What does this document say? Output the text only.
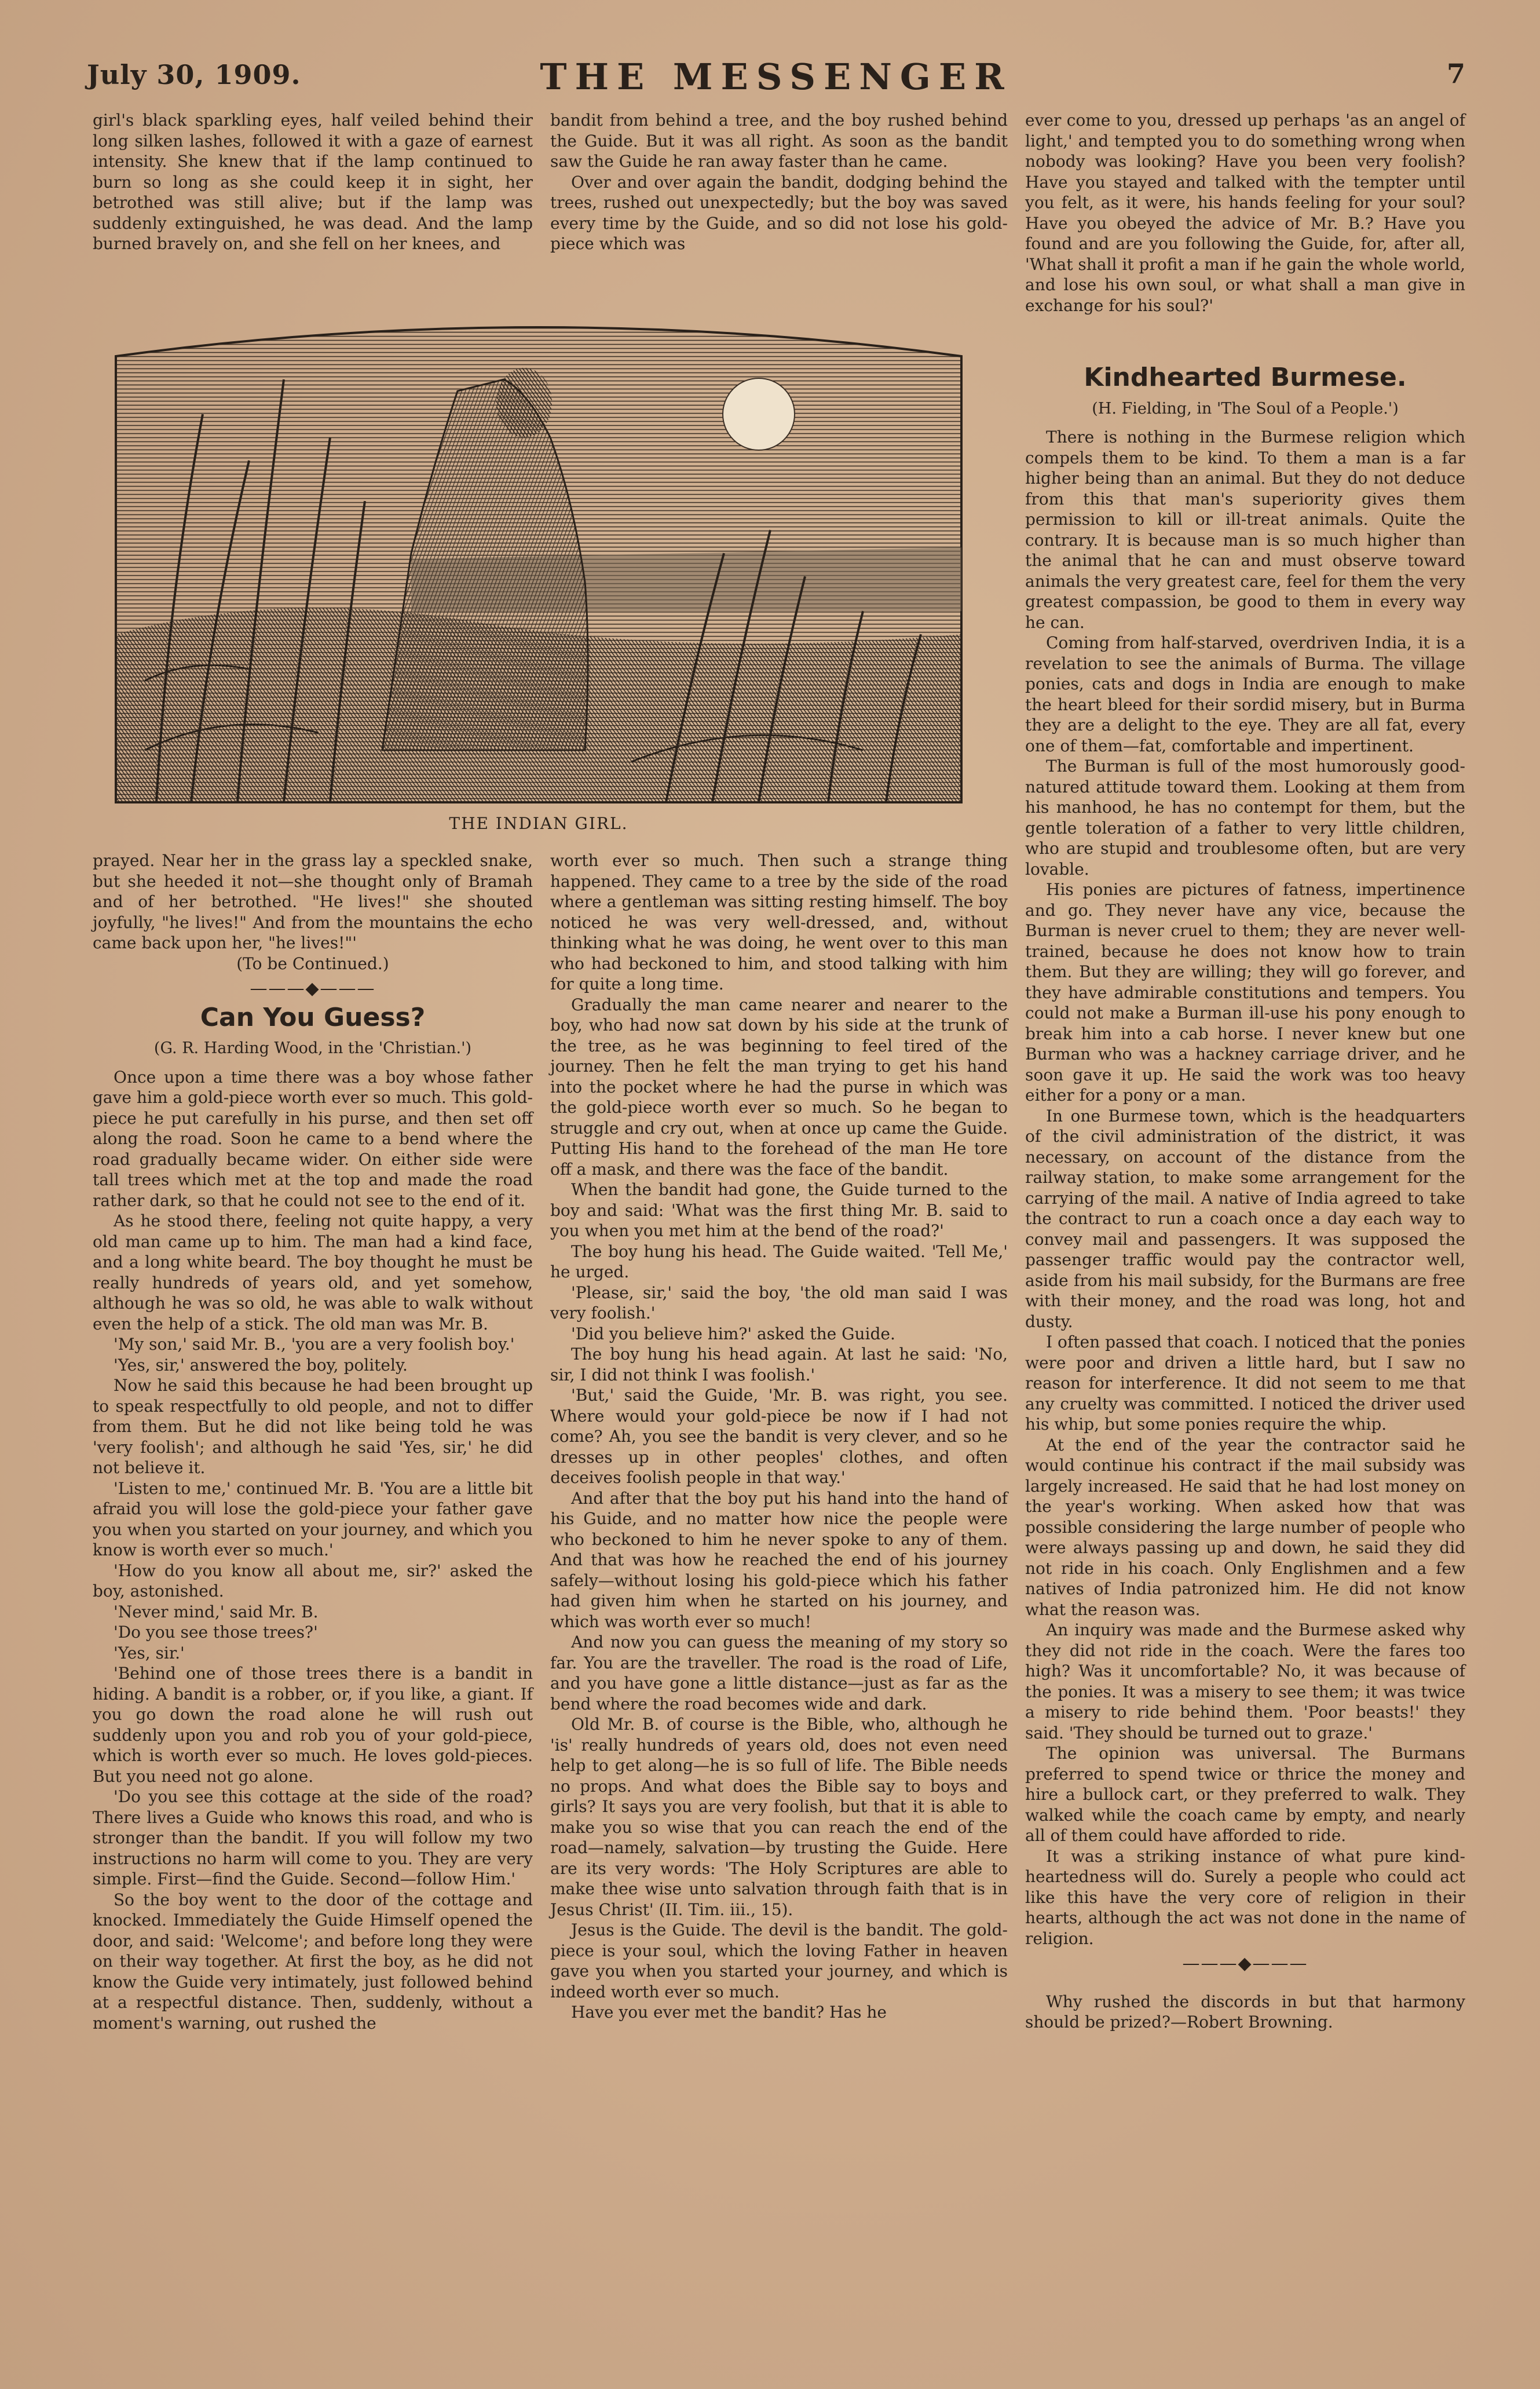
July 30, 1909.	THE MESSENGER	7

girl's black sparkling eyes, half veiled behind their long silken lashes, followed it with a gaze of earnest intensity. She knew that if the lamp continued to burn so long as she could keep it in sight, her betrothed was still alive; but if the lamp was suddenly extinguished, he was dead. And the lamp burned bravely on, and she fell on her knees, and

bandit from behind a tree, and the boy rushed behind the Guide. But it was all right. As soon as the bandit saw the Guide he ran away faster than he came.

Over and over again the bandit, dodging behind the trees, rushed out unexpectedly; but the boy was saved every time by the Guide, and so did not lose his gold-piece which was

ever come to you, dressed up perhaps 'as an angel of light,' and tempted you to do something wrong when nobody was looking? Have you been very foolish? Have you stayed and talked with the tempter until you felt, as it were, his hands feeling for your soul? Have you obeyed the advice of Mr. B.? Have you found and are you following the Guide, for, after all, 'What shall it profit a man if he gain the whole world, and lose his own soul, or what shall a man give in exchange for his soul?'

THE INDIAN GIRL.

prayed. Near her in the grass lay a speckled snake, but she heeded it not—she thought only of Bramah and of her betrothed. "He lives!" she shouted joyfully, "he lives!" And from the mountains the echo came back upon her, "he lives!"'

(To be Continued.)

———◆———
Can You Guess?

(G. R. Harding Wood, in the 'Christian.')

Once upon a time there was a boy whose father gave him a gold-piece worth ever so much. This gold-piece he put carefully in his purse, and then set off along the road. Soon he came to a bend where the road gradually became wider. On either side were tall trees which met at the top and made the road rather dark, so that he could not see to the end of it.

As he stood there, feeling not quite happy, a very old man came up to him. The man had a kind face, and a long white beard. The boy thought he must be really hundreds of years old, and yet somehow, although he was so old, he was able to walk without even the help of a stick. The old man was Mr. B.

'My son,' said Mr. B., 'you are a very foolish boy.'

'Yes, sir,' answered the boy, politely.

Now he said this because he had been brought up to speak respectfully to old people, and not to differ from them. But he did not like being told he was 'very foolish'; and although he said 'Yes, sir,' he did not believe it.

'Listen to me,' continued Mr. B. 'You are a little bit afraid you will lose the gold-piece your father gave you when you started on your journey, and which you know is worth ever so much.'

'How do you know all about me, sir?' asked the boy, astonished.

'Never mind,' said Mr. B.

'Do you see those trees?'

'Yes, sir.'

'Behind one of those trees there is a bandit in hiding. A bandit is a robber, or, if you like, a giant. If you go down the road alone he will rush out suddenly upon you and rob you of your gold-piece, which is worth ever so much. He loves gold-pieces. But you need not go alone.

'Do you see this cottage at the side of the road? There lives a Guide who knows this road, and who is stronger than the bandit. If you will follow my two instructions no harm will come to you. They are very simple. First—find the Guide. Second—follow Him.'

So the boy went to the door of the cottage and knocked. Immediately the Guide Himself opened the door, and said: 'Welcome'; and before long they were on their way together. At first the boy, as he did not know the Guide very intimately, just followed behind at a respectful distance. Then, suddenly, without a moment's warning, out rushed the

worth ever so much. Then such a strange thing happened. They came to a tree by the side of the road where a gentleman was sitting resting himself. The boy noticed he was very well-dressed, and, without thinking what he was doing, he went over to this man who had beckoned to him, and stood talking with him for quite a long time.

Gradually the man came nearer and nearer to the boy, who had now sat down by his side at the trunk of the tree, as he was beginning to feel tired of the journey. Then he felt the man trying to get his hand into the pocket where he had the purse in which was the gold-piece worth ever so much. So he began to struggle and cry out, when at once up came the Guide. Putting His hand to the forehead of the man He tore off a mask, and there was the face of the bandit.

When the bandit had gone, the Guide turned to the boy and said: 'What was the first thing Mr. B. said to you when you met him at the bend of the road?'

The boy hung his head. The Guide waited. 'Tell Me,' he urged.

'Please, sir,' said the boy, 'the old man said I was very foolish.'

'Did you believe him?' asked the Guide.

The boy hung his head again. At last he said: 'No, sir, I did not think I was foolish.'

'But,' said the Guide, 'Mr. B. was right, you see. Where would your gold-piece be now if I had not come? Ah, you see the bandit is very clever, and so he dresses up in other peoples' clothes, and often deceives foolish people in that way.'

And after that the boy put his hand into the hand of his Guide, and no matter how nice the people were who beckoned to him he never spoke to any of them. And that was how he reached the end of his journey safely—without losing his gold-piece which his father had given him when he started on his journey, and which was worth ever so much!

And now you can guess the meaning of my story so far. You are the traveller. The road is the road of Life, and you have gone a little distance—just as far as the bend where the road becomes wide and dark.

Old Mr. B. of course is the Bible, who, although he 'is' really hundreds of years old, does not even need help to get along—he is so full of life. The Bible needs no props. And what does the Bible say to boys and girls? It says you are very foolish, but that it is able to make you so wise that you can reach the end of the road—namely, salvation—by trusting the Guide. Here are its very words: 'The Holy Scriptures are able to make thee wise unto salvation through faith that is in Jesus Christ' (II. Tim. iii., 15).

Jesus is the Guide. The devil is the bandit. The gold-piece is your soul, which the loving Father in heaven gave you when you started your journey, and which is indeed worth ever so much.

Have you ever met the bandit? Has he

Kindhearted Burmese.

(H. Fielding, in 'The Soul of a People.')

There is nothing in the Burmese religion which compels them to be kind. To them a man is a far higher being than an animal. But they do not deduce from this that man's superiority gives them permission to kill or ill-treat animals. Quite the contrary. It is because man is so much higher than the animal that he can and must observe toward animals the very greatest care, feel for them the very greatest compassion, be good to them in every way he can.

Coming from half-starved, overdriven India, it is a revelation to see the animals of Burma. The village ponies, cats and dogs in India are enough to make the heart bleed for their sordid misery, but in Burma they are a delight to the eye. They are all fat, every one of them—fat, comfortable and impertinent.

The Burman is full of the most humorously good-natured attitude toward them. Looking at them from his manhood, he has no contempt for them, but the gentle toleration of a father to very little children, who are stupid and troublesome often, but are very lovable.

His ponies are pictures of fatness, impertinence and go. They never have any vice, because the Burman is never cruel to them; they are never well-trained, because he does not know how to train them. But they are willing; they will go forever, and they have admirable constitutions and tempers. You could not make a Burman ill-use his pony enough to break him into a cab horse. I never knew but one Burman who was a hackney carriage driver, and he soon gave it up. He said the work was too heavy either for a pony or a man.

In one Burmese town, which is the headquarters of the civil administration of the district, it was necessary, on account of the distance from the railway station, to make some arrangement for the carrying of the mail. A native of India agreed to take the contract to run a coach once a day each way to convey mail and passengers. It was supposed the passenger traffic would pay the contractor well, aside from his mail subsidy, for the Burmans are free with their money, and the road was long, hot and dusty.

I often passed that coach. I noticed that the ponies were poor and driven a little hard, but I saw no reason for interference. It did not seem to me that any cruelty was committed. I noticed the driver used his whip, but some ponies require the whip.

At the end of the year the contractor said he would continue his contract if the mail subsidy was largely increased. He said that he had lost money on the year's working. When asked how that was possible considering the large number of people who were always passing up and down, he said they did not ride in his coach. Only Englishmen and a few natives of India patronized him. He did not know what the reason was.

An inquiry was made and the Burmese asked why they did not ride in the coach. Were the fares too high? Was it uncomfortable? No, it was because of the ponies. It was a misery to see them; it was twice a misery to ride behind them. 'Poor beasts!' they said. 'They should be turned out to graze.'

The opinion was universal. The Burmans preferred to spend twice or thrice the money and hire a bullock cart, or they preferred to walk. They walked while the coach came by empty, and nearly all of them could have afforded to ride.

It was a striking instance of what pure kind-heartedness will do. Surely a people who could act like this have the very core of religion in their hearts, although the act was not done in the name of religion.

———◆———

Why rushed the discords in but that harmony should be prized?—Robert Browning.
